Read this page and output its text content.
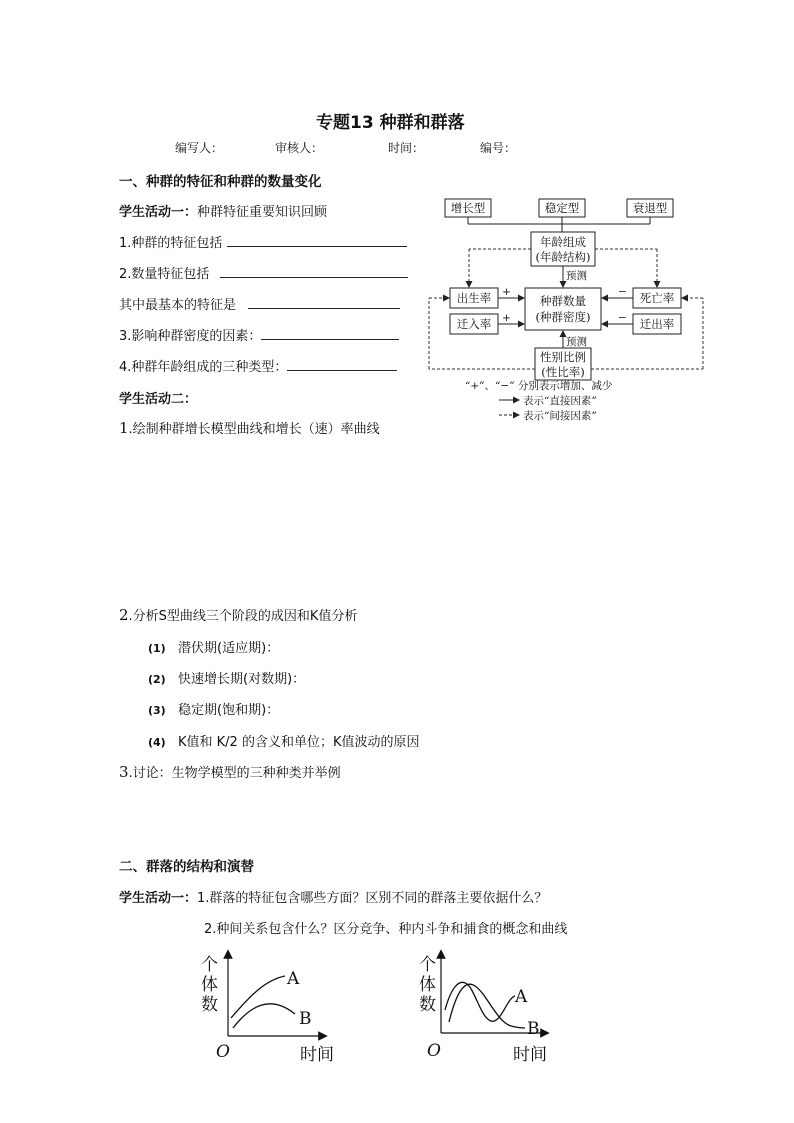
专题13 种群和群落
编写人：	审核人：	时间：	编号：
一、种群的特征和种群的数量变化
学生活动一：种群特征重要知识回顾
1.种群的特征包括
2.数量特征包括
其中最基本的特征是
3.影响种群密度的因素：
4.种群年龄组成的三种类型：
学生活动二：
1.绘制种群增长模型曲线和增长（速）率曲线
2.分析S型曲线三个阶段的成因和K值分析
(1) 潜伏期(适应期)：
(2) 快速增长期(对数期)：
(3) 稳定期(饱和期)：
(4) K值和 K/2 的含义和单位；K值波动的原因
3.讨论：生物学模型的三种种类并举例
二、群落的结构和演替
学生活动一：1.群落的特征包含哪些方面？区别不同的群落主要依据什么？
2.种间关系包含什么？区分竞争、种内斗争和捕食的概念和曲线
增长型	稳定型	衰退型
年龄组成
(年龄结构)
出生率
迁入率
种群数量
(种群密度)
死亡率
迁出率
性别比例
(性比率)
预测
预测
+
+
−
−
“+”、“−” 分别表示增加、减少
表示“直接因素”
表示“间接因素”
个
体
数
A
B
O	时间
个
体
数	A
B
O	时间
